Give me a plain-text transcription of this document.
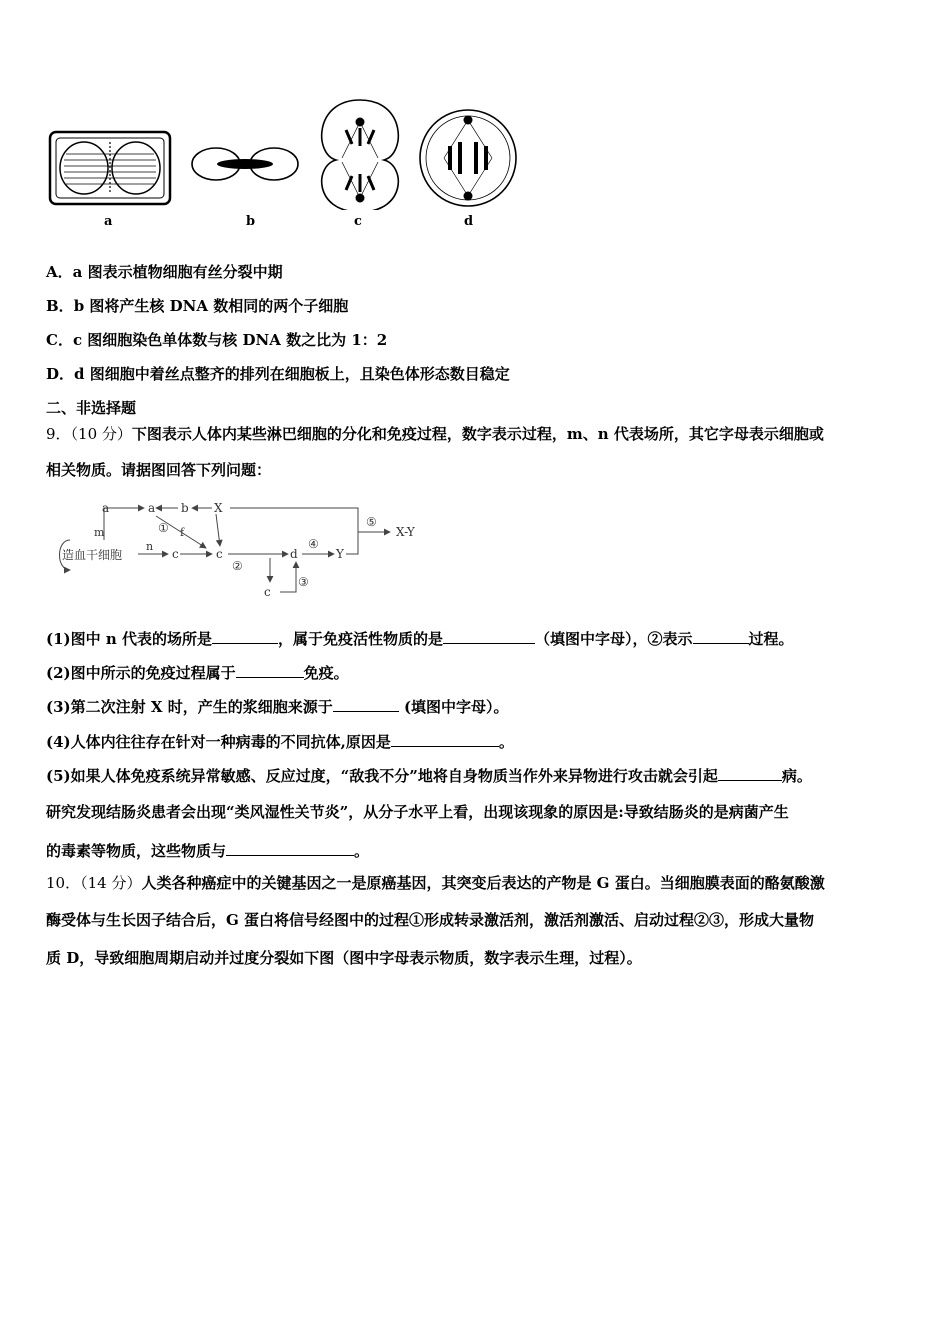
a	b	c	d
A．a 图表示植物细胞有丝分裂中期
B．b 图将产生核 DNA 数相同的两个子细胞
C．c 图细胞染色单体数与核 DNA 数之比为 1：2
D．d 图细胞中着丝点整齐的排列在细胞板上，且染色体形态数目稳定
二、非选择题
9．（10 分）下图表示人体内某些淋巴细胞的分化和免疫过程，数字表示过程，m、n 代表场所，其它字母表示细胞或
相关物质。请据图回答下列问题：
造血干细胞
m
n
a	a b X
① f
c	c
②
d
④
Y
③
c
⑤
X-Y
(1)图中 n 代表的场所是	，属于免疫活性物质的是	（填图中字母），②表示	过程。
(2)图中所示的免疫过程属于	免疫。
(3)第二次注射 X 时，产生的浆细胞来源于	(填图中字母）。
(4)人体内往往存在针对一种病毒的不同抗体,原因是	。
(5)如果人体免疫系统异常敏感、反应过度，“敌我不分”地将自身物质当作外来异物进行攻击就会引起	病。
研究发现结肠炎患者会出现“类风湿性关节炎”，从分子水平上看，出现该现象的原因是:导致结肠炎的是病菌产生
的毒素等物质，这些物质与	。
10．（14 分）人类各种癌症中的关键基因之一是原癌基因，其突变后表达的产物是 G 蛋白。当细胞膜表面的酪氨酸激
酶受体与生长因子结合后，G 蛋白将信号经图中的过程①形成转录激活剂，激活剂激活、启动过程②③，形成大量物
质 D，导致细胞周期启动并过度分裂如下图（图中字母表示物质，数字表示生理，过程）。
